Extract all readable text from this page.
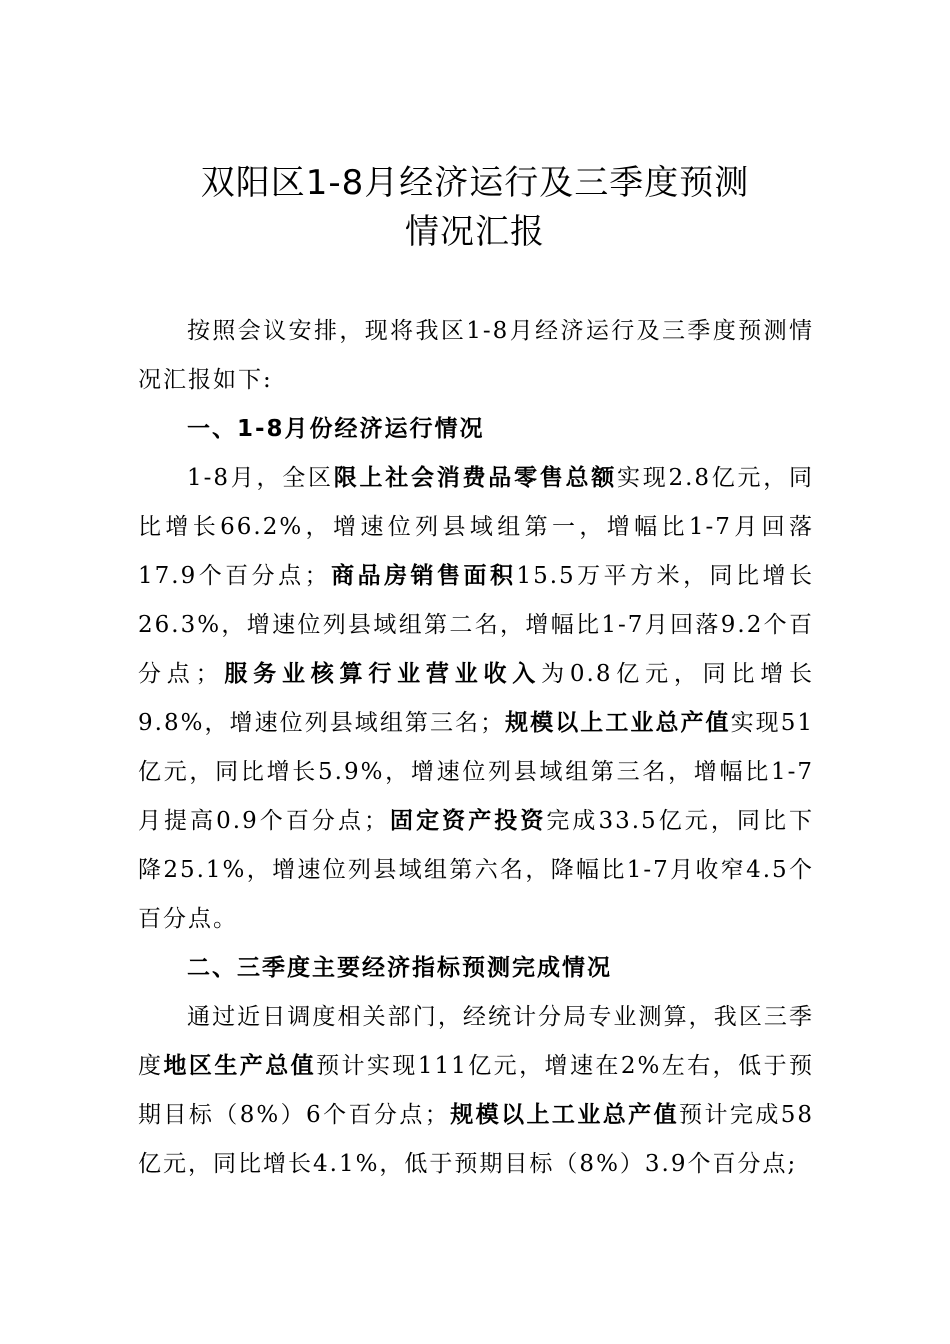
双阳区1-8月经济运行及三季度预测
情况汇报

按照会议安排，现将我区1-8月经济运行及三季度预测情况汇报如下:

一、1-8月份经济运行情况

1-8月，全区限上社会消费品零售总额实现2.8亿元，同比增长66.2%，增速位列县域组第一，增幅比1-7月回落17.9个百分点；商品房销售面积15.5万平方米，同比增长26.3%，增速位列县域组第二名，增幅比1-7月回落9.2个百分点；服务业核算行业营业收入为0.8亿元，同比增长9.8%，增速位列县域组第三名；规模以上工业总产值实现51亿元，同比增长5.9%，增速位列县域组第三名，增幅比1-7月提高0.9个百分点；固定资产投资完成33.5亿元，同比下降25.1%，增速位列县域组第六名，降幅比1-7月收窄4.5个百分点。

二、三季度主要经济指标预测完成情况

通过近日调度相关部门，经统计分局专业测算，我区三季度地区生产总值预计实现111亿元，增速在2%左右，低于预期目标（8%）6个百分点；规模以上工业总产值预计完成58亿元，同比增长4.1%，低于预期目标（8%）3.9个百分点;
